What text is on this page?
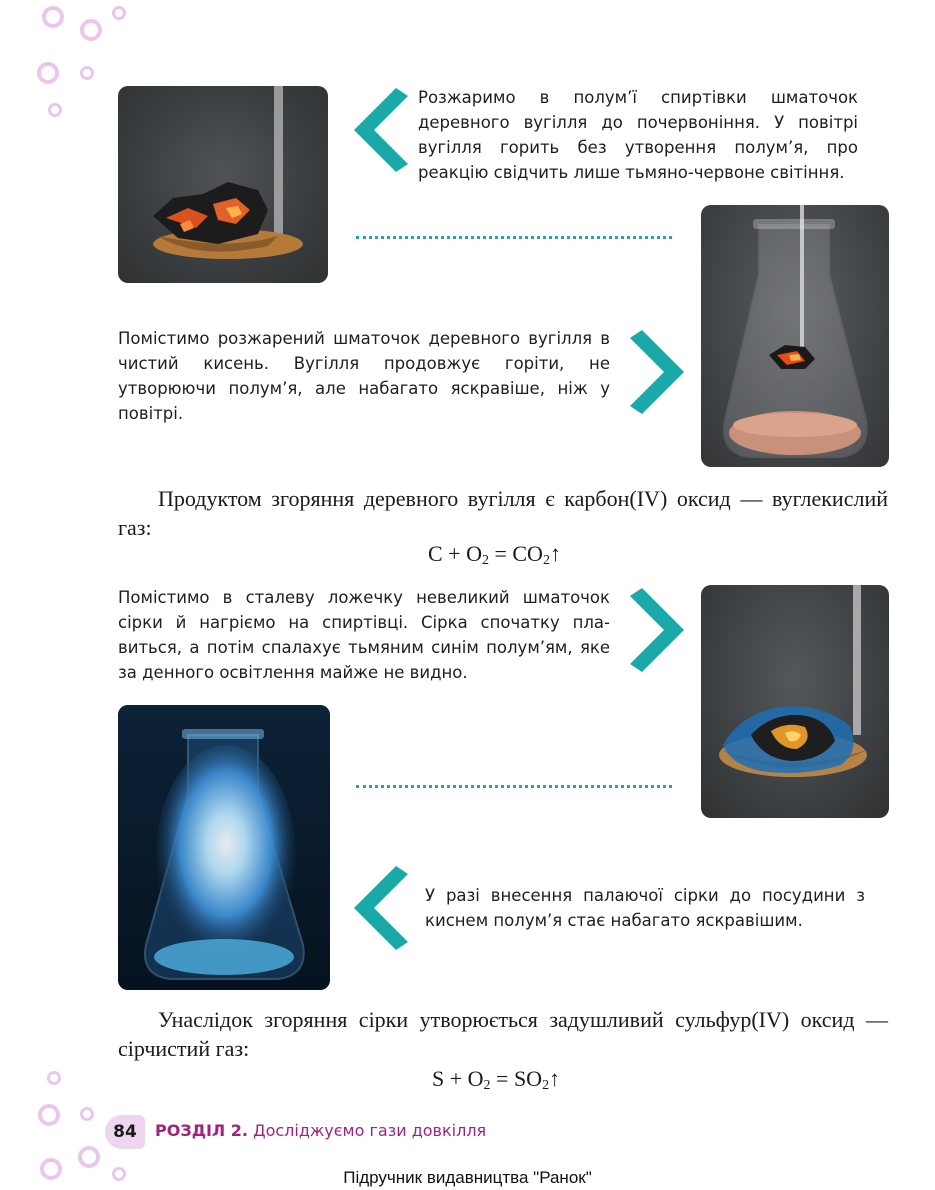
Розжаримо в полум’ї спиртівки шматочок деревного вугілля до почервоніння. У повітрі вугілля горить без утворення полум’я, про реакцію свідчить лише тьмяно-червоне світіння.
Помістимо розжарений шматочок деревного вугілля в чистий кисень. Вугілля продовжує горіти, не утворюючи полум’я, але набагато яскравіше, ніж у повітрі.
Продуктом згоряння деревного вугілля є карбон(IV) оксид — вуглекислий газ:
$C + O_2$ = $CO_2↑$
Помістимо в сталеву ложечку невеликий шматочок сірки й нагріємо на спиртівці. Сірка спочатку плавиться, а потім спалахує тьмяним синім полум’ям, яке за денного освітлення майже не видно.
У разі внесення палаючої сірки до посудини з киснем полум’я стає набагато яскравішим.
Унаслідок згоряння сірки утворюється задушливий сульфур(IV) оксид — сірчистий газ:
$S + O_2$ = $SO_2↑$
84	РОЗДІЛ 2. Досліджуємо гази довкілля
Підручник видавництва "Ранок"
